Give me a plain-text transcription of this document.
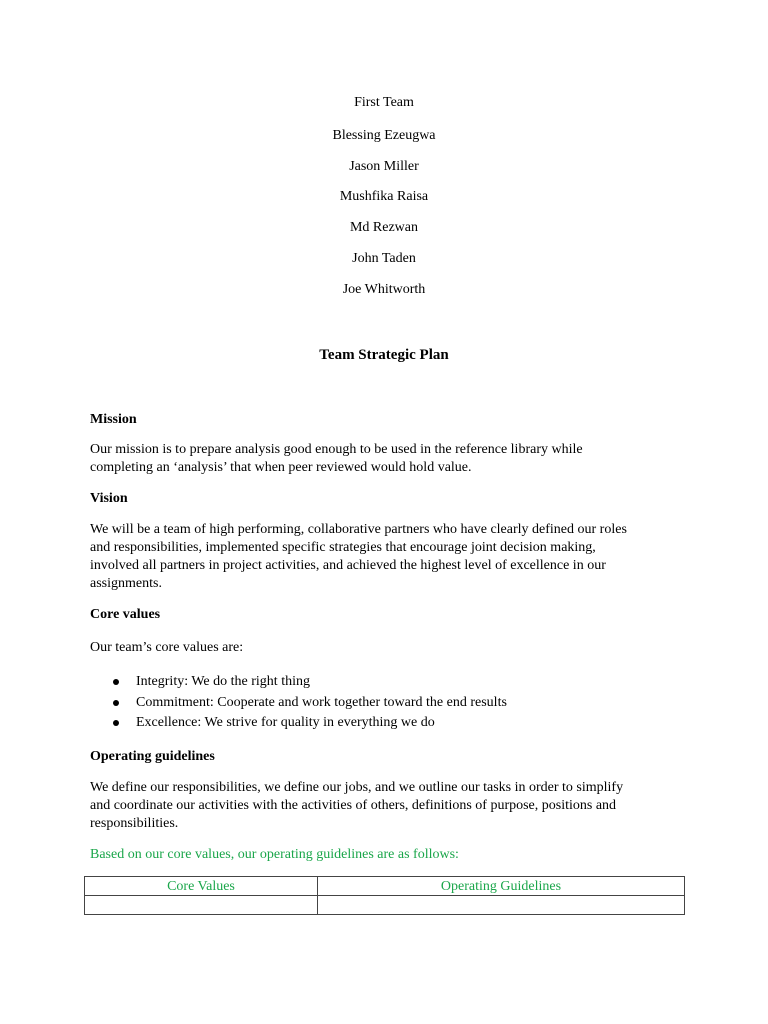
First Team
Blessing Ezeugwa
Jason Miller
Mushfika Raisa
Md Rezwan
John Taden
Joe Whitworth
Team Strategic Plan
Mission
Our mission is to prepare analysis good enough to be used in the reference library while
completing an ‘analysis’ that when peer reviewed would hold value.
Vision
We will be a team of high performing, collaborative partners who have clearly defined our roles
and responsibilities, implemented specific strategies that encourage joint decision making,
involved all partners in project activities, and achieved the highest level of excellence in our
assignments.
Core values
Our team’s core values are:
Integrity: We do the right thing
Commitment: Cooperate and work together toward the end results
Excellence: We strive for quality in everything we do
Operating guidelines
We define our responsibilities, we define our jobs, and we outline our tasks in order to simplify
and coordinate our activities with the activities of others, definitions of purpose, positions and
responsibilities.
Based on our core values, our operating guidelines are as follows:
Core Values	Operating Guidelines
